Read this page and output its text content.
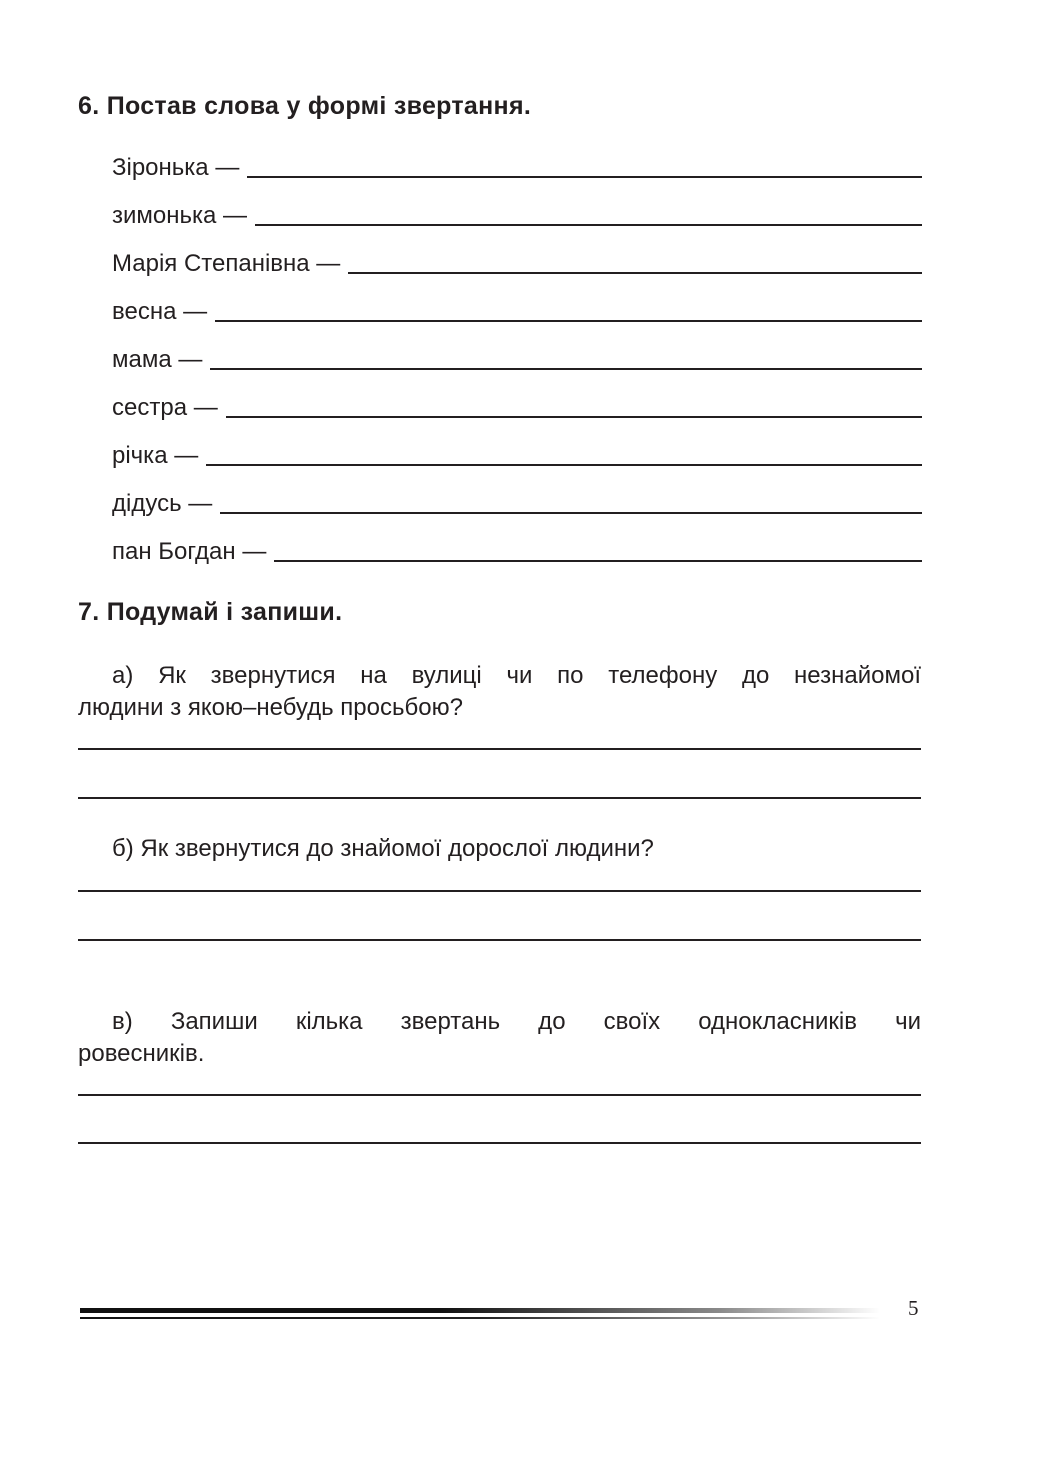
6. Постав слова у формі звертання.
Зіронька —
зимонька —
Марія Степанівна —
весна —
мама —
сестра —
річка —
дідусь —
пан Богдан —
7. Подумай і запиши.
а) Як звернутися на вулиці чи по телефону до незнайомої
людини з якою–небудь просьбою?
б) Як звернутися до знайомої дорослої людини?
в) Запиши кілька звертань до своїх однокласників чи
ровесників.
5
